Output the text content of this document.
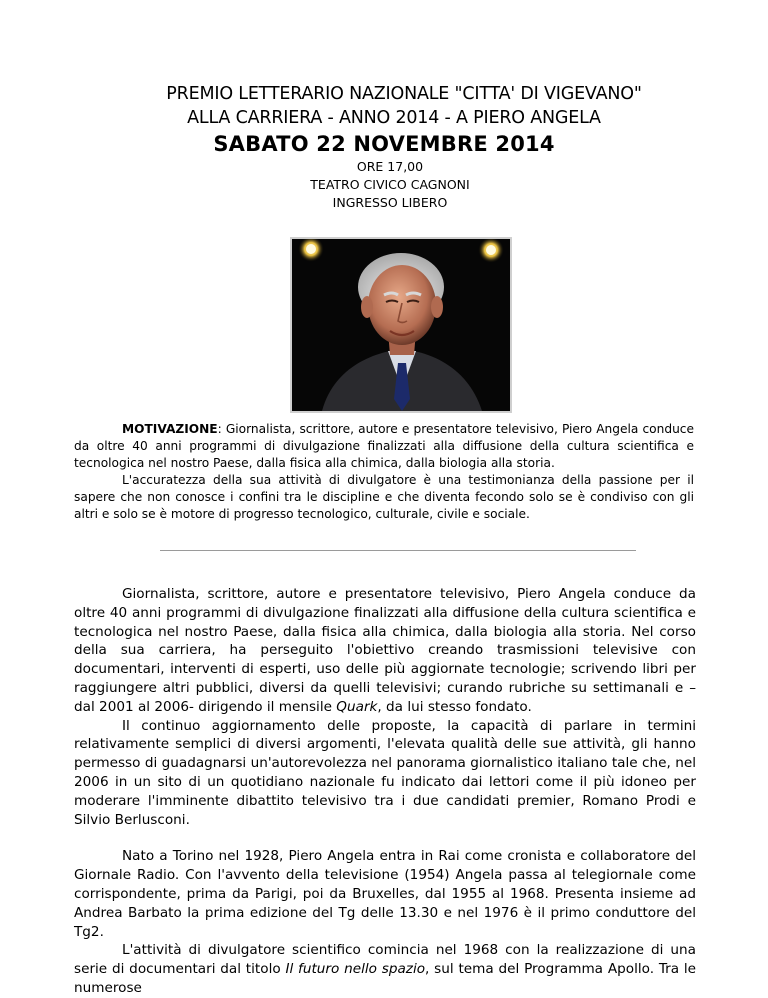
PREMIO LETTERARIO NAZIONALE "CITTA' DI VIGEVANO"
ALLA CARRIERA - ANNO 2014 - A PIERO ANGELA
SABATO 22 NOVEMBRE 2014
ORE 17,00
TEATRO CIVICO CAGNONI
INGRESSO LIBERO

MOTIVAZIONE: Giornalista, scrittore, autore e presentatore televisivo, Piero Angela conduce da oltre 40 anni programmi di divulgazione finalizzati alla diffusione della cultura scientifica e tecnologica nel nostro Paese, dalla fisica alla chimica, dalla biologia alla storia.

L'accuratezza della sua attività di divulgatore è una testimonianza della passione per il sapere che non conosce i confini tra le discipline e che diventa fecondo solo se è condiviso con gli altri e solo se è motore di progresso tecnologico, culturale, civile e sociale.

Giornalista, scrittore, autore e presentatore televisivo, Piero Angela conduce da oltre 40 anni programmi di divulgazione finalizzati alla diffusione della cultura scientifica e tecnologica nel nostro Paese, dalla fisica alla chimica, dalla biologia alla storia. Nel corso della sua carriera, ha perseguito l'obiettivo creando trasmissioni televisive con documentari, interventi di esperti, uso delle più aggiornate tecnologie; scrivendo libri per raggiungere altri pubblici, diversi da quelli televisivi; curando rubriche su settimanali e –dal 2001 al 2006- dirigendo il mensile Quark, da lui stesso fondato.

Il continuo aggiornamento delle proposte, la capacità di parlare in termini relativamente semplici di diversi argomenti, l'elevata qualità delle sue attività, gli hanno permesso di guadagnarsi un'autorevolezza nel panorama giornalistico italiano tale che, nel 2006 in un sito di un quotidiano nazionale fu indicato dai lettori come il più idoneo per moderare l'imminente dibattito televisivo tra i due candidati premier, Romano Prodi e Silvio Berlusconi.

Nato a Torino nel 1928, Piero Angela entra in Rai come cronista e collaboratore del Giornale Radio. Con l'avvento della televisione (1954) Angela passa al telegiornale come corrispondente, prima da Parigi, poi da Bruxelles, dal 1955 al 1968. Presenta insieme ad Andrea Barbato la prima edizione del Tg delle 13.30 e nel 1976 è il primo conduttore del Tg2.

L'attività di divulgatore scientifico comincia nel 1968 con la realizzazione di una serie di documentari dal titolo Il futuro nello spazio, sul tema del Programma Apollo. Tra le numerose
